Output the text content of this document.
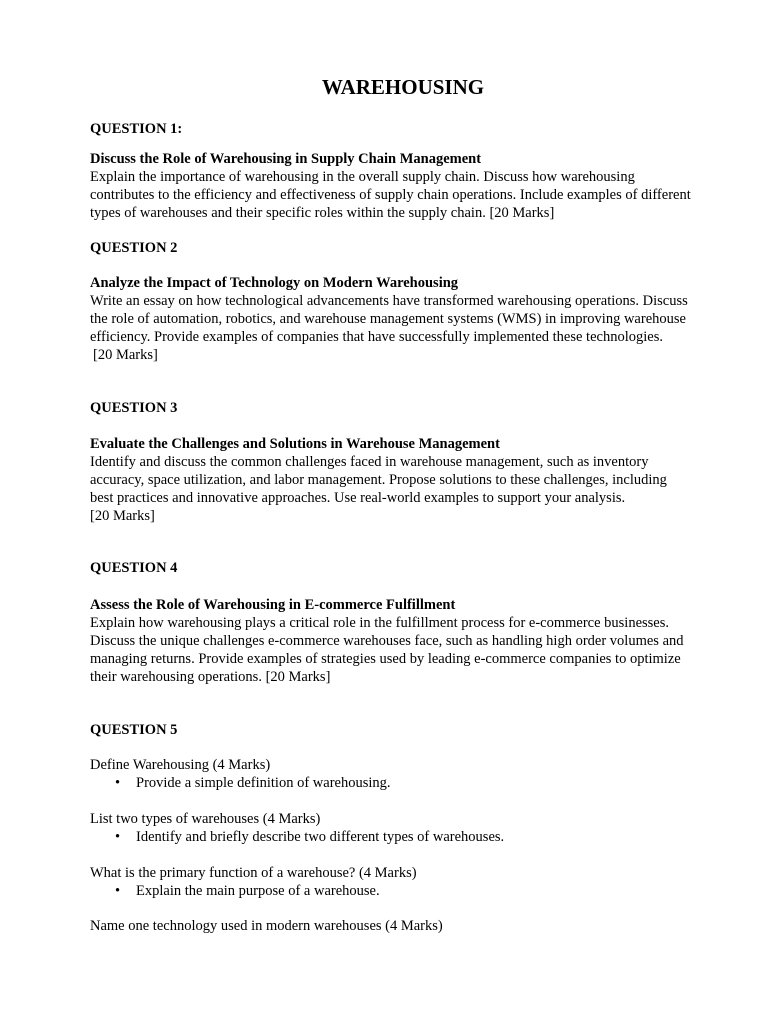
WAREHOUSING
QUESTION 1:
Discuss the Role of Warehousing in Supply Chain Management
Explain the importance of warehousing in the overall supply chain. Discuss how warehousing
contributes to the efficiency and effectiveness of supply chain operations. Include examples of different
types of warehouses and their specific roles within the supply chain. [20 Marks]
QUESTION 2
Analyze the Impact of Technology on Modern Warehousing
Write an essay on how technological advancements have transformed warehousing operations. Discuss
the role of automation, robotics, and warehouse management systems (WMS) in improving warehouse
efficiency. Provide examples of companies that have successfully implemented these technologies.
[20 Marks]
QUESTION 3
Evaluate the Challenges and Solutions in Warehouse Management
Identify and discuss the common challenges faced in warehouse management, such as inventory
accuracy, space utilization, and labor management. Propose solutions to these challenges, including
best practices and innovative approaches. Use real-world examples to support your analysis.
[20 Marks]
QUESTION 4
Assess the Role of Warehousing in E-commerce Fulfillment
Explain how warehousing plays a critical role in the fulfillment process for e-commerce businesses.
Discuss the unique challenges e-commerce warehouses face, such as handling high order volumes and
managing returns. Provide examples of strategies used by leading e-commerce companies to optimize
their warehousing operations. [20 Marks]
QUESTION 5
Define Warehousing (4 Marks)
• Provide a simple definition of warehousing.
List two types of warehouses (4 Marks)
• Identify and briefly describe two different types of warehouses.
What is the primary function of a warehouse? (4 Marks)
• Explain the main purpose of a warehouse.
Name one technology used in modern warehouses (4 Marks)
